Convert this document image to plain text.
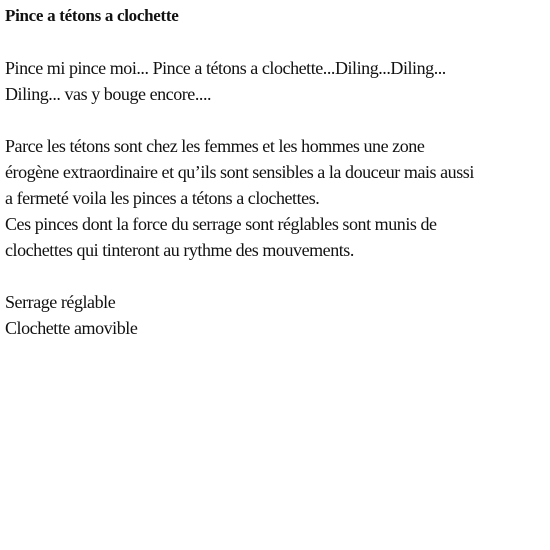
Pince a tétons a clochette
Pince mi pince moi... Pince a tétons a clochette...Diling...Diling...
Diling... vas y bouge encore....
Parce les tétons sont chez les femmes et les hommes une zone
érogène extraordinaire et qu’ils sont sensibles a la douceur mais aussi
a fermeté voila les pinces a tétons a clochettes.
Ces pinces dont la force du serrage sont réglables sont munis de
clochettes qui tinteront au rythme des mouvements.
Serrage réglable
Clochette amovible
